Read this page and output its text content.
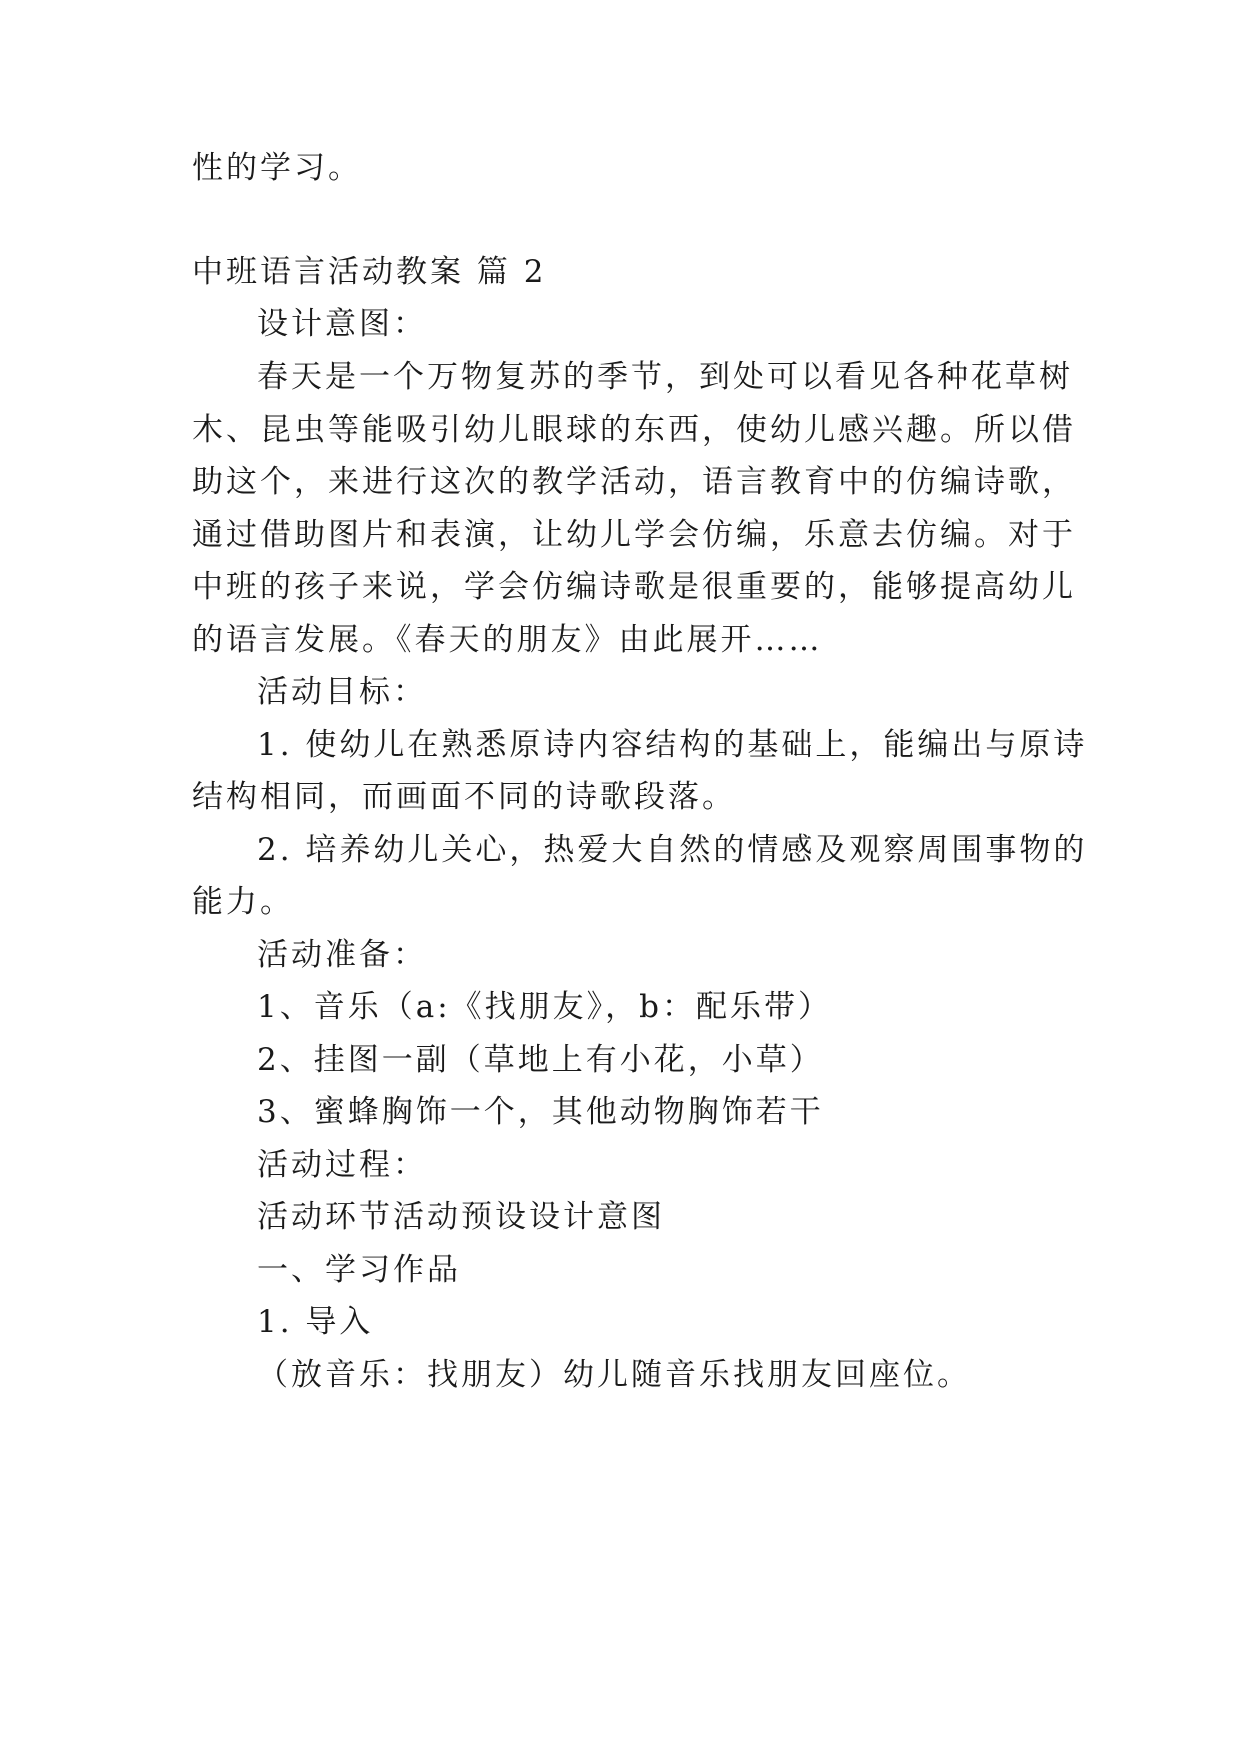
性的学习。
中班语言活动教案 篇 2
设计意图：
春天是一个万物复苏的季节，到处可以看见各种花草树
木、昆虫等能吸引幼儿眼球的东西，使幼儿感兴趣。所以借
助这个，来进行这次的教学活动，语言教育中的仿编诗歌，
通过借助图片和表演，让幼儿学会仿编，乐意去仿编。对于
中班的孩子来说，学会仿编诗歌是很重要的，能够提高幼儿
的语言发展。《春天的朋友》由此展开……
活动目标：
1. 使幼儿在熟悉原诗内容结构的基础上，能编出与原诗
结构相同，而画面不同的诗歌段落。
2. 培养幼儿关心，热爱大自然的情感及观察周围事物的
能力。
活动准备：
1、音乐（a:《找朋友》，b：配乐带）
2、挂图一副（草地上有小花，小草）
3、蜜蜂胸饰一个，其他动物胸饰若干
活动过程：
活动环节活动预设设计意图
一、学习作品
1. 导入
（放音乐：找朋友）幼儿随音乐找朋友回座位。
